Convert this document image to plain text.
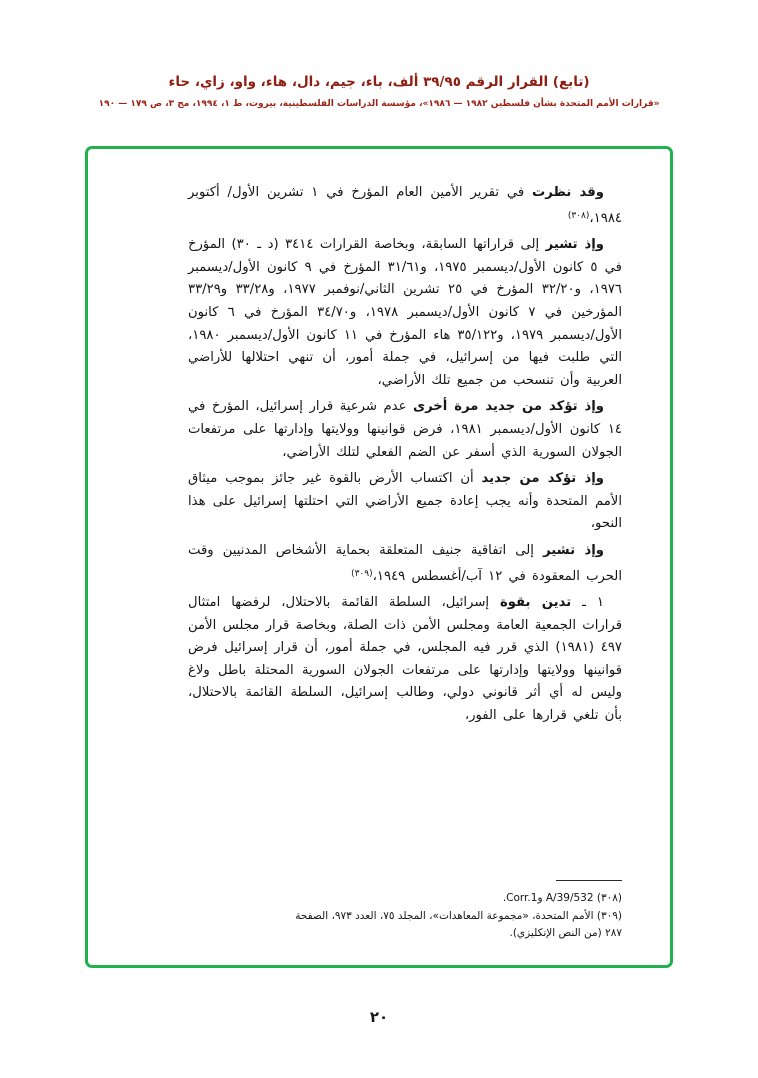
(تابع) القرار الرقم ٣٩/٩٥ ألف، باء، جيم، دال، هاء، واو، زاي، حاء
«قرارات الأمم المتحدة بشأن فلسطين ١٩٨٢ — ١٩٨٦»، مؤسسة الدراسات الفلسطينية، بيروت، ط ١، ١٩٩٤، مج ٣، ص ١٧٩ — ١٩٠

وقد نظرت في تقرير الأمين العام المؤرخ في ١ تشرين الأول/ أكتوبر ١٩٨٤،$^{(٣٠٨)}$

وإذ تشير إلى قراراتها السابقة، وبخاصة القرارات ٣٤١٤ (د ـ ٣٠) المؤرخ في ٥ كانون الأول/ديسمبر ١٩٧٥، و٣١/٦١ المؤرخ في ٩ كانون الأول/ديسمبر ١٩٧٦، و٣٢/٢٠ المؤرخ في ٢٥ تشرين الثاني/نوفمبر ١٩٧٧، و٣٣/٢٨ و٣٣/٢٩ المؤرخين في ٧ كانون الأول/ديسمبر ١٩٧٨، و٣٤/٧٠ المؤرخ في ٦ كانون الأول/ديسمبر ١٩٧٩، و٣٥/١٢٢ هاء المؤرخ في ١١ كانون الأول/ديسمبر ١٩٨٠، التي طلبت فيها من إسرائيل، في جملة أمور، أن تنهي احتلالها للأراضي العربية وأن تنسحب من جميع تلك الأراضي،

وإذ تؤكد من جديد مرة أخرى عدم شرعية قرار إسرائيل، المؤرخ في ١٤ كانون الأول/ديسمبر ١٩٨١، فرض قوانينها وولايتها وإدارتها على مرتفعات الجولان السورية الذي أسفر عن الضم الفعلي لتلك الأراضي،

وإذ تؤكد من جديد أن اكتساب الأرض بالقوة غير جائز بموجب ميثاق الأمم المتحدة وأنه يجب إعادة جميع الأراضي التي احتلتها إسرائيل على هذا النحو،

وإذ تشير إلى اتفاقية جنيف المتعلقة بحماية الأشخاص المدنيين وقت الحرب المعقودة في ١٢ آب/أغسطس ١٩٤٩،$^{(٣٠٩)}$

١ ـ تدين بقوة إسرائيل، السلطة القائمة بالاحتلال، لرفضها امتثال قرارات الجمعية العامة ومجلس الأمن ذات الصلة، وبخاصة قرار مجلس الأمن ٤٩٧ (١٩٨١) الذي قرر فيه المجلس، في جملة أمور، أن قرار إسرائيل فرض قوانينها وولايتها وإدارتها على مرتفعات الجولان السورية المحتلة باطل ولاغ وليس له أي أثر قانوني دولي، وطالب إسرائيل، السلطة القائمة بالاحتلال، بأن تلغي قرارها على الفور،

(٣٠٨) A/39/532 وCorr.1.
(٣٠٩) الأمم المتحدة، «مجموعة المعاهدات»، المجلد ٧٥، العدد ٩٧٣، الصفحة ٢٨٧ (من النص الإنكليزي).
٢٠
